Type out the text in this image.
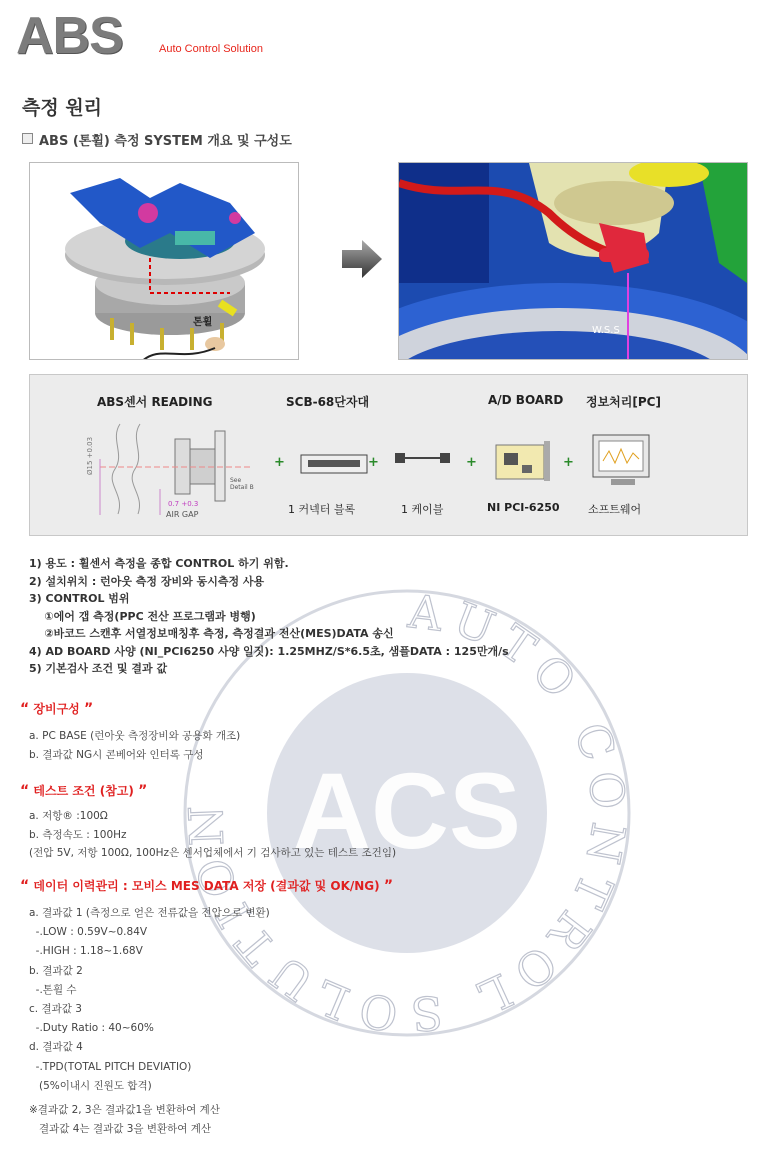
ABS	Auto Control Solution
측정 원리
ABS (톤휠) 측정 SYSTEM 개요 및 구성도
톤휠
W.S.S
ABS센서 READING	SCB-68단자대	A/D BOARD 정보처리[PC]
Ø15 +0.03
0.7 +0.3
AIR GAP
See Detail B
+	+	+	+
1 커넥터 블록	1 케이블	NI PCI-6250	소프트웨어
AUTO CONTROL SOLUTION ACS
1) 용도 : 휠센서 측정을 종합 CONTROL 하기 위함.
2) 설치위치 : 런아웃 측정 장비와 동시측정 사용
3) CONTROL 범위
①에어 갭 측정(PPC 전산 프로그램과 병행)
②바코드 스캔후 서열정보매칭후 측정, 측정결과 전산(MES)DATA 송신
4) AD BOARD 사양 (NI_PCI6250 사양 일짓): 1.25MHZ/S*6.5초, 샘플DATA : 125만개/s
5) 기본검사 조건 및 결과 값
“ 장비구성 ”
a. PC BASE (런아웃 측정장비와 공용화 개조)
b. 결과값 NG시 콘베어와 인터록 구성
“ 테스트 조건 (참고) ”
a. 저항® :100Ω
b. 측정속도 : 100Hz
(전압 5V, 저항 100Ω, 100Hz은 센서업체에서 기 검사하고 있는 테스트 조건임)
“ 데이터 이력관리 : 모비스 MES DATA 저장 (결과값 및 OK/NG) ”
a. 결과값 1 (측정으로 얻은 전류값을 전압으로 변환)
-.LOW : 0.59V~0.84V
-.HIGH : 1.18~1.68V
b. 결과값 2
-.톤휠 수
c. 결과값 3
-.Duty Ratio : 40~60%
d. 결과값 4
-.TPD(TOTAL PITCH DEVIATIO)
(5%이내시 진원도 합격)
※결과값 2, 3은 결과값1을 변환하여 계산
결과값 4는 결과값 3을 변환하여 계산
